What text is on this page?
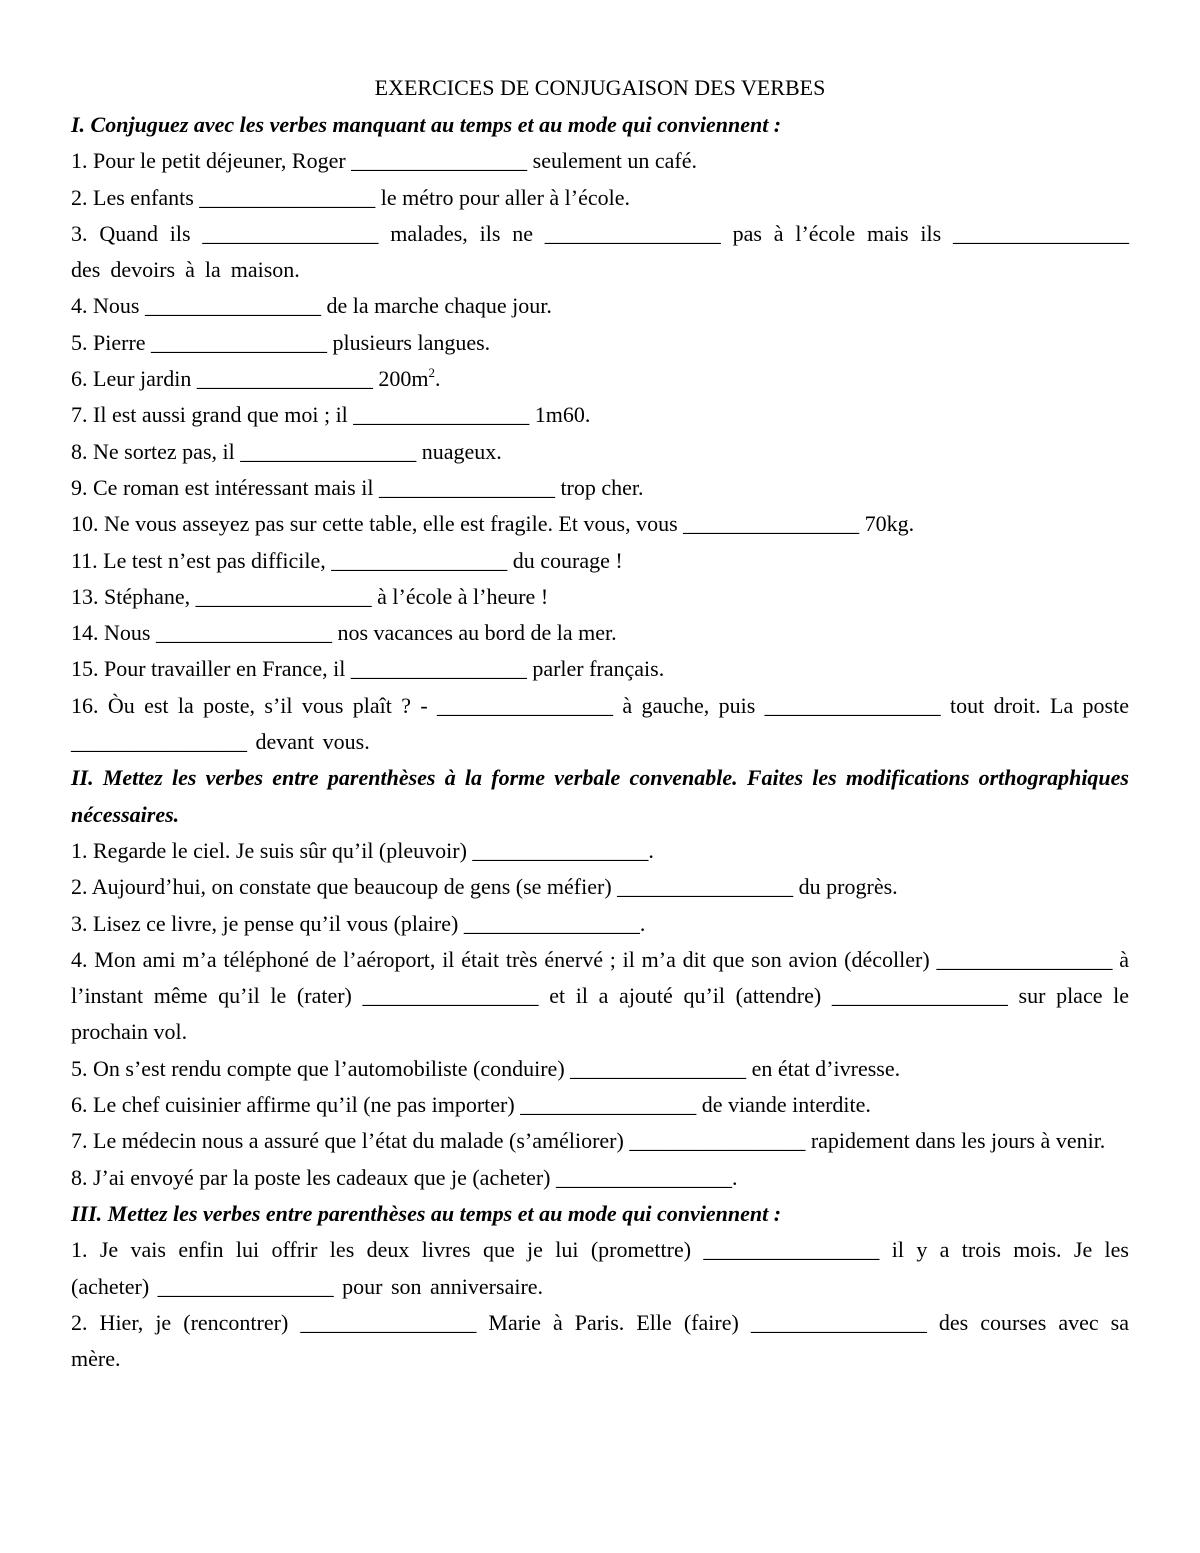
EXERCICES DE CONJUGAISON DES VERBES

I. Conjuguez avec les verbes manquant au temps et au mode qui conviennent :

1. Pour le petit déjeuner, Roger ________________ seulement un café.

2. Les enfants ________________ le métro pour aller à l’école.

3. Quand ils ________________ malades, ils ne ________________ pas à l’école mais ils ________________ des devoirs à la maison.

4. Nous ________________ de la marche chaque jour.

5. Pierre ________________ plusieurs langues.

6. Leur jardin ________________ $200m^2$.

7. Il est aussi grand que moi ; il ________________ 1m60.

8. Ne sortez pas, il ________________ nuageux.

9. Ce roman est intéressant mais il ________________ trop cher.

10. Ne vous asseyez pas sur cette table, elle est fragile. Et vous, vous ________________ 70kg.

11. Le test n’est pas difficile, ________________ du courage !

13. Stéphane, ________________ à l’école à l’heure !

14. Nous ________________ nos vacances au bord de la mer.

15. Pour travailler en France, il ________________ parler français.

16. Òu est la poste, s’il vous plaît ? - ________________ à gauche, puis ________________ tout droit. La poste ________________ devant vous.

II. Mettez les verbes entre parenthèses à la forme verbale convenable. Faites les modifications orthographiques nécessaires.

1. Regarde le ciel. Je suis sûr qu’il (pleuvoir) ________________.

2. Aujourd’hui, on constate que beaucoup de gens (se méfier) ________________ du progrès.

3. Lisez ce livre, je pense qu’il vous (plaire) ________________.

4. Mon ami m’a téléphoné de l’aéroport, il était très énervé ; il m’a dit que son avion (décoller) ________________ à l’instant même qu’il le (rater) ________________ et il a ajouté qu’il (attendre) ________________ sur place le prochain vol.

5. On s’est rendu compte que l’automobiliste (conduire) ________________ en état d’ivresse.

6. Le chef cuisinier affirme qu’il (ne pas importer) ________________ de viande interdite.

7. Le médecin nous a assuré que l’état du malade (s’améliorer) ________________ rapidement dans les jours à venir.

8. J’ai envoyé par la poste les cadeaux que je (acheter) ________________.

III. Mettez les verbes entre parenthèses au temps et au mode qui conviennent :

1. Je vais enfin lui offrir les deux livres que je lui (promettre) ________________ il y a trois mois. Je les (acheter) ________________ pour son anniversaire.

2. Hier, je (rencontrer) ________________ Marie à Paris. Elle (faire) ________________ des courses avec sa mère.
